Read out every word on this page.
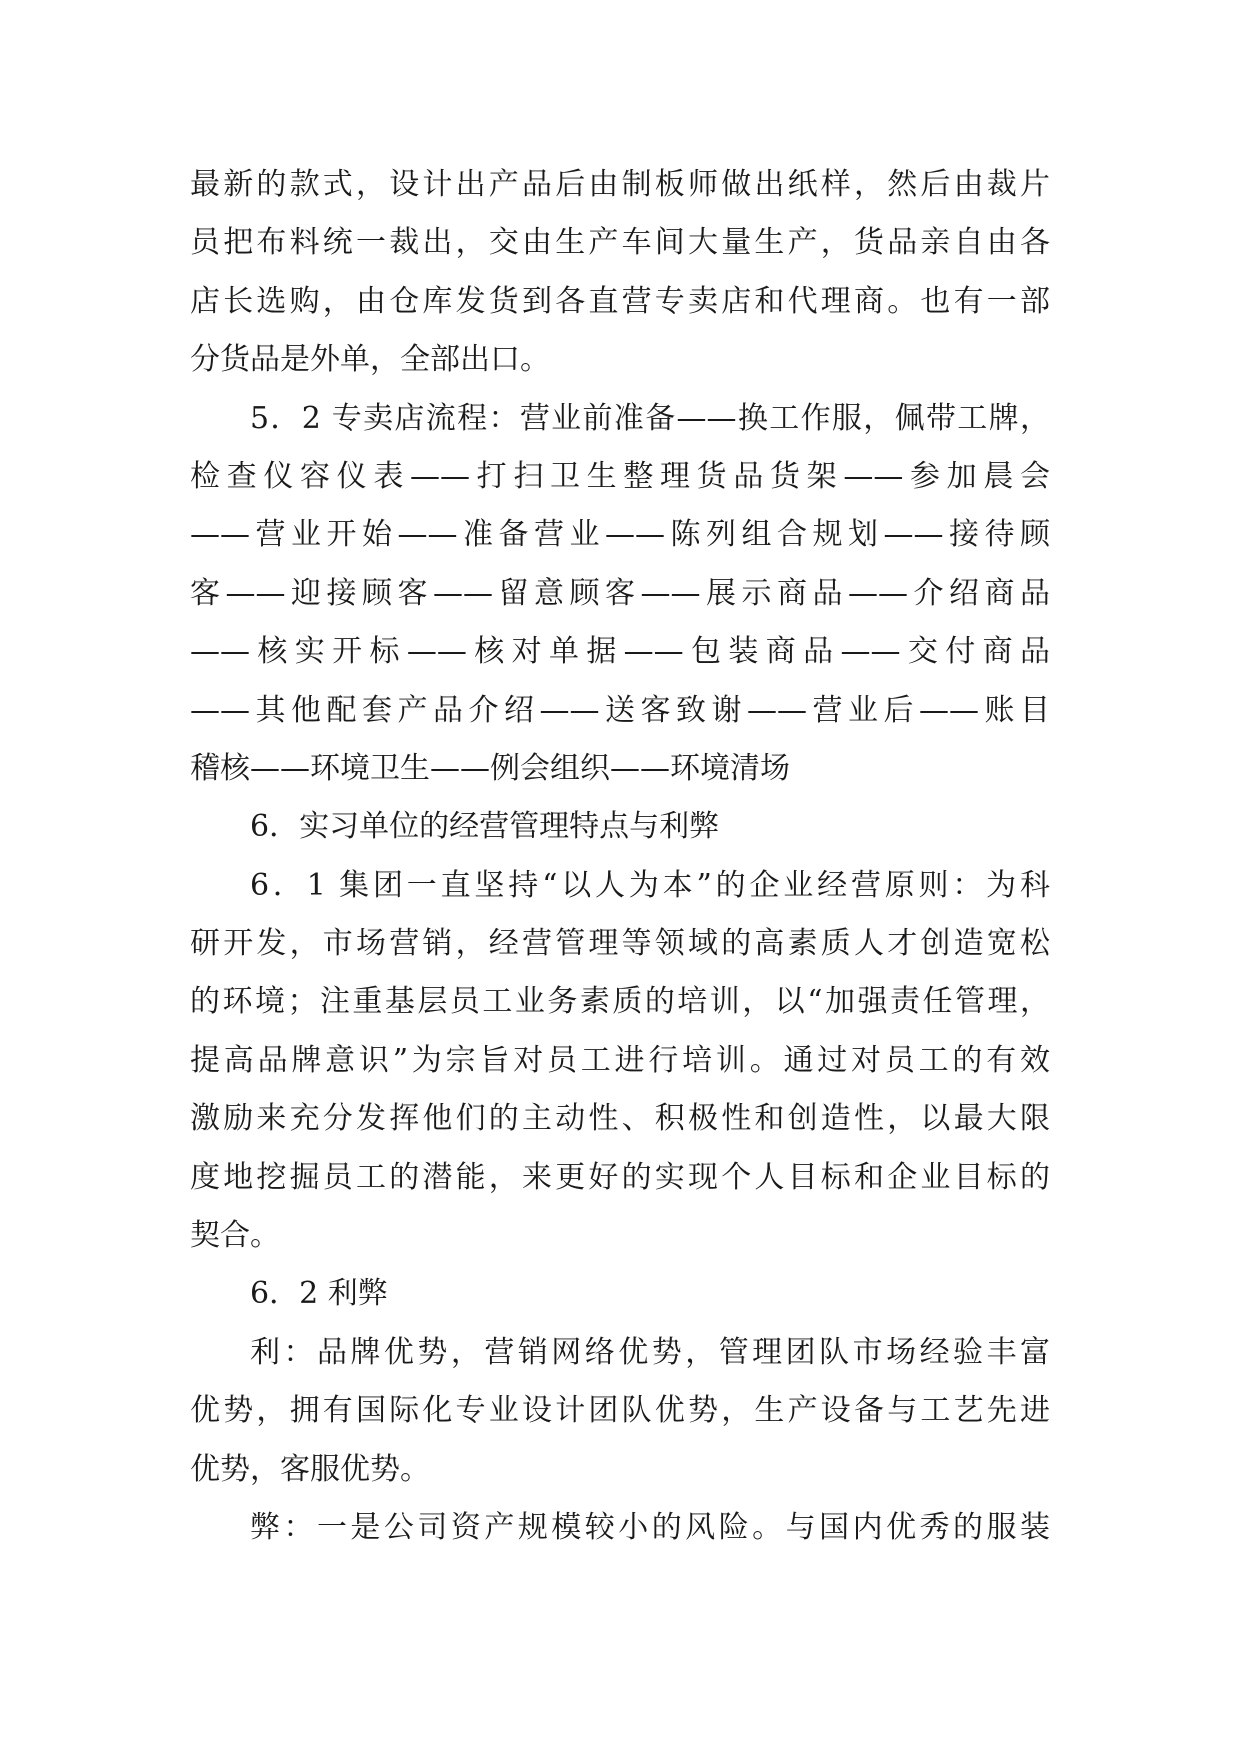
最新的款式，设计出产品后由制板师做出纸样，然后由裁片
员把布料统一裁出，交由生产车间大量生产，货品亲自由各
店长选购，由仓库发货到各直营专卖店和代理商。也有一部
分货品是外单，全部出口。
5．2 专卖店流程：营业前准备——换工作服，佩带工牌，
检查仪容仪表——打扫卫生整理货品货架——参加晨会
——营业开始——准备营业——陈列组合规划——接待顾
客——迎接顾客——留意顾客——展示商品——介绍商品
——核实开标——核对单据——包装商品——交付商品
——其他配套产品介绍——送客致谢——营业后——账目
稽核——环境卫生——例会组织——环境清场
6．实习单位的经营管理特点与利弊
6．1 集团一直坚持“以人为本”的企业经营原则：为科
研开发，市场营销，经营管理等领域的高素质人才创造宽松
的环境；注重基层员工业务素质的培训，以“加强责任管理，
提高品牌意识”为宗旨对员工进行培训。通过对员工的有效
激励来充分发挥他们的主动性、积极性和创造性，以最大限
度地挖掘员工的潜能，来更好的实现个人目标和企业目标的
契合。
6．2 利弊
利：品牌优势，营销网络优势，管理团队市场经验丰富
优势，拥有国际化专业设计团队优势，生产设备与工艺先进
优势，客服优势。
弊：一是公司资产规模较小的风险。与国内优秀的服装
